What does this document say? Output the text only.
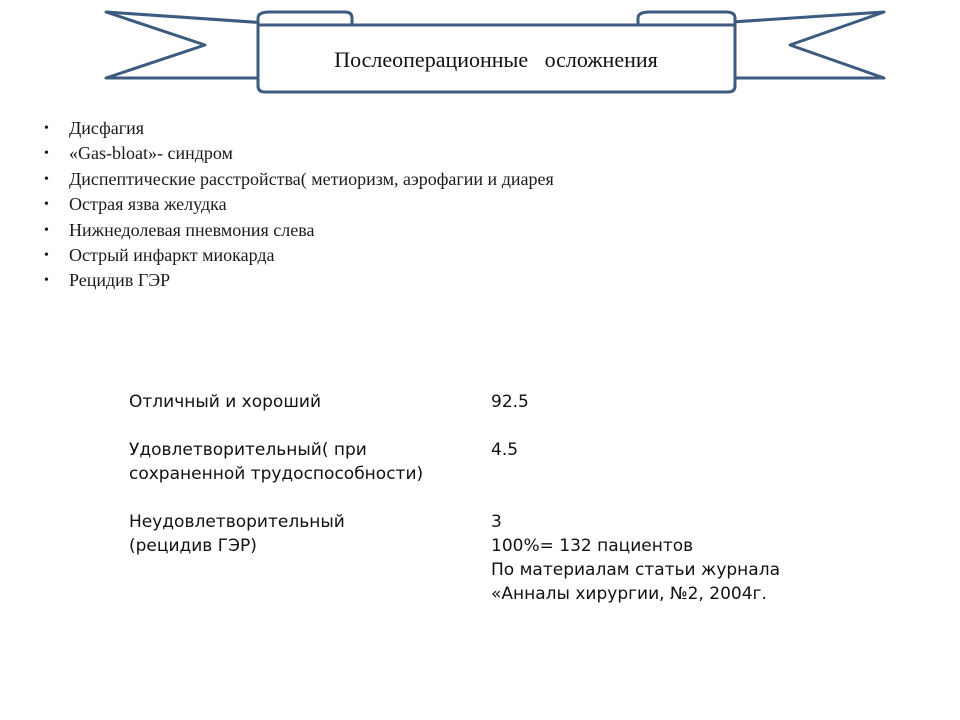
Послеоперационные   осложнения
• Дисфагия
• «Gas-bloat»- синдром
• Диспептические расстройства( метиоризм, аэрофагии и диарея
• Острая язва желудка
• Нижнедолевая пневмония слева
• Острый инфаркт миокарда
• Рецидив ГЭР
Отличный и хороший	92.5
Удовлетворительный( при
сохраненной трудоспособности)
4.5
Неудовлетворительный
(рецидив ГЭР)
3
100%= 132 пациентов
По материалам статьи журнала
«Анналы хирургии, №2, 2004г.
